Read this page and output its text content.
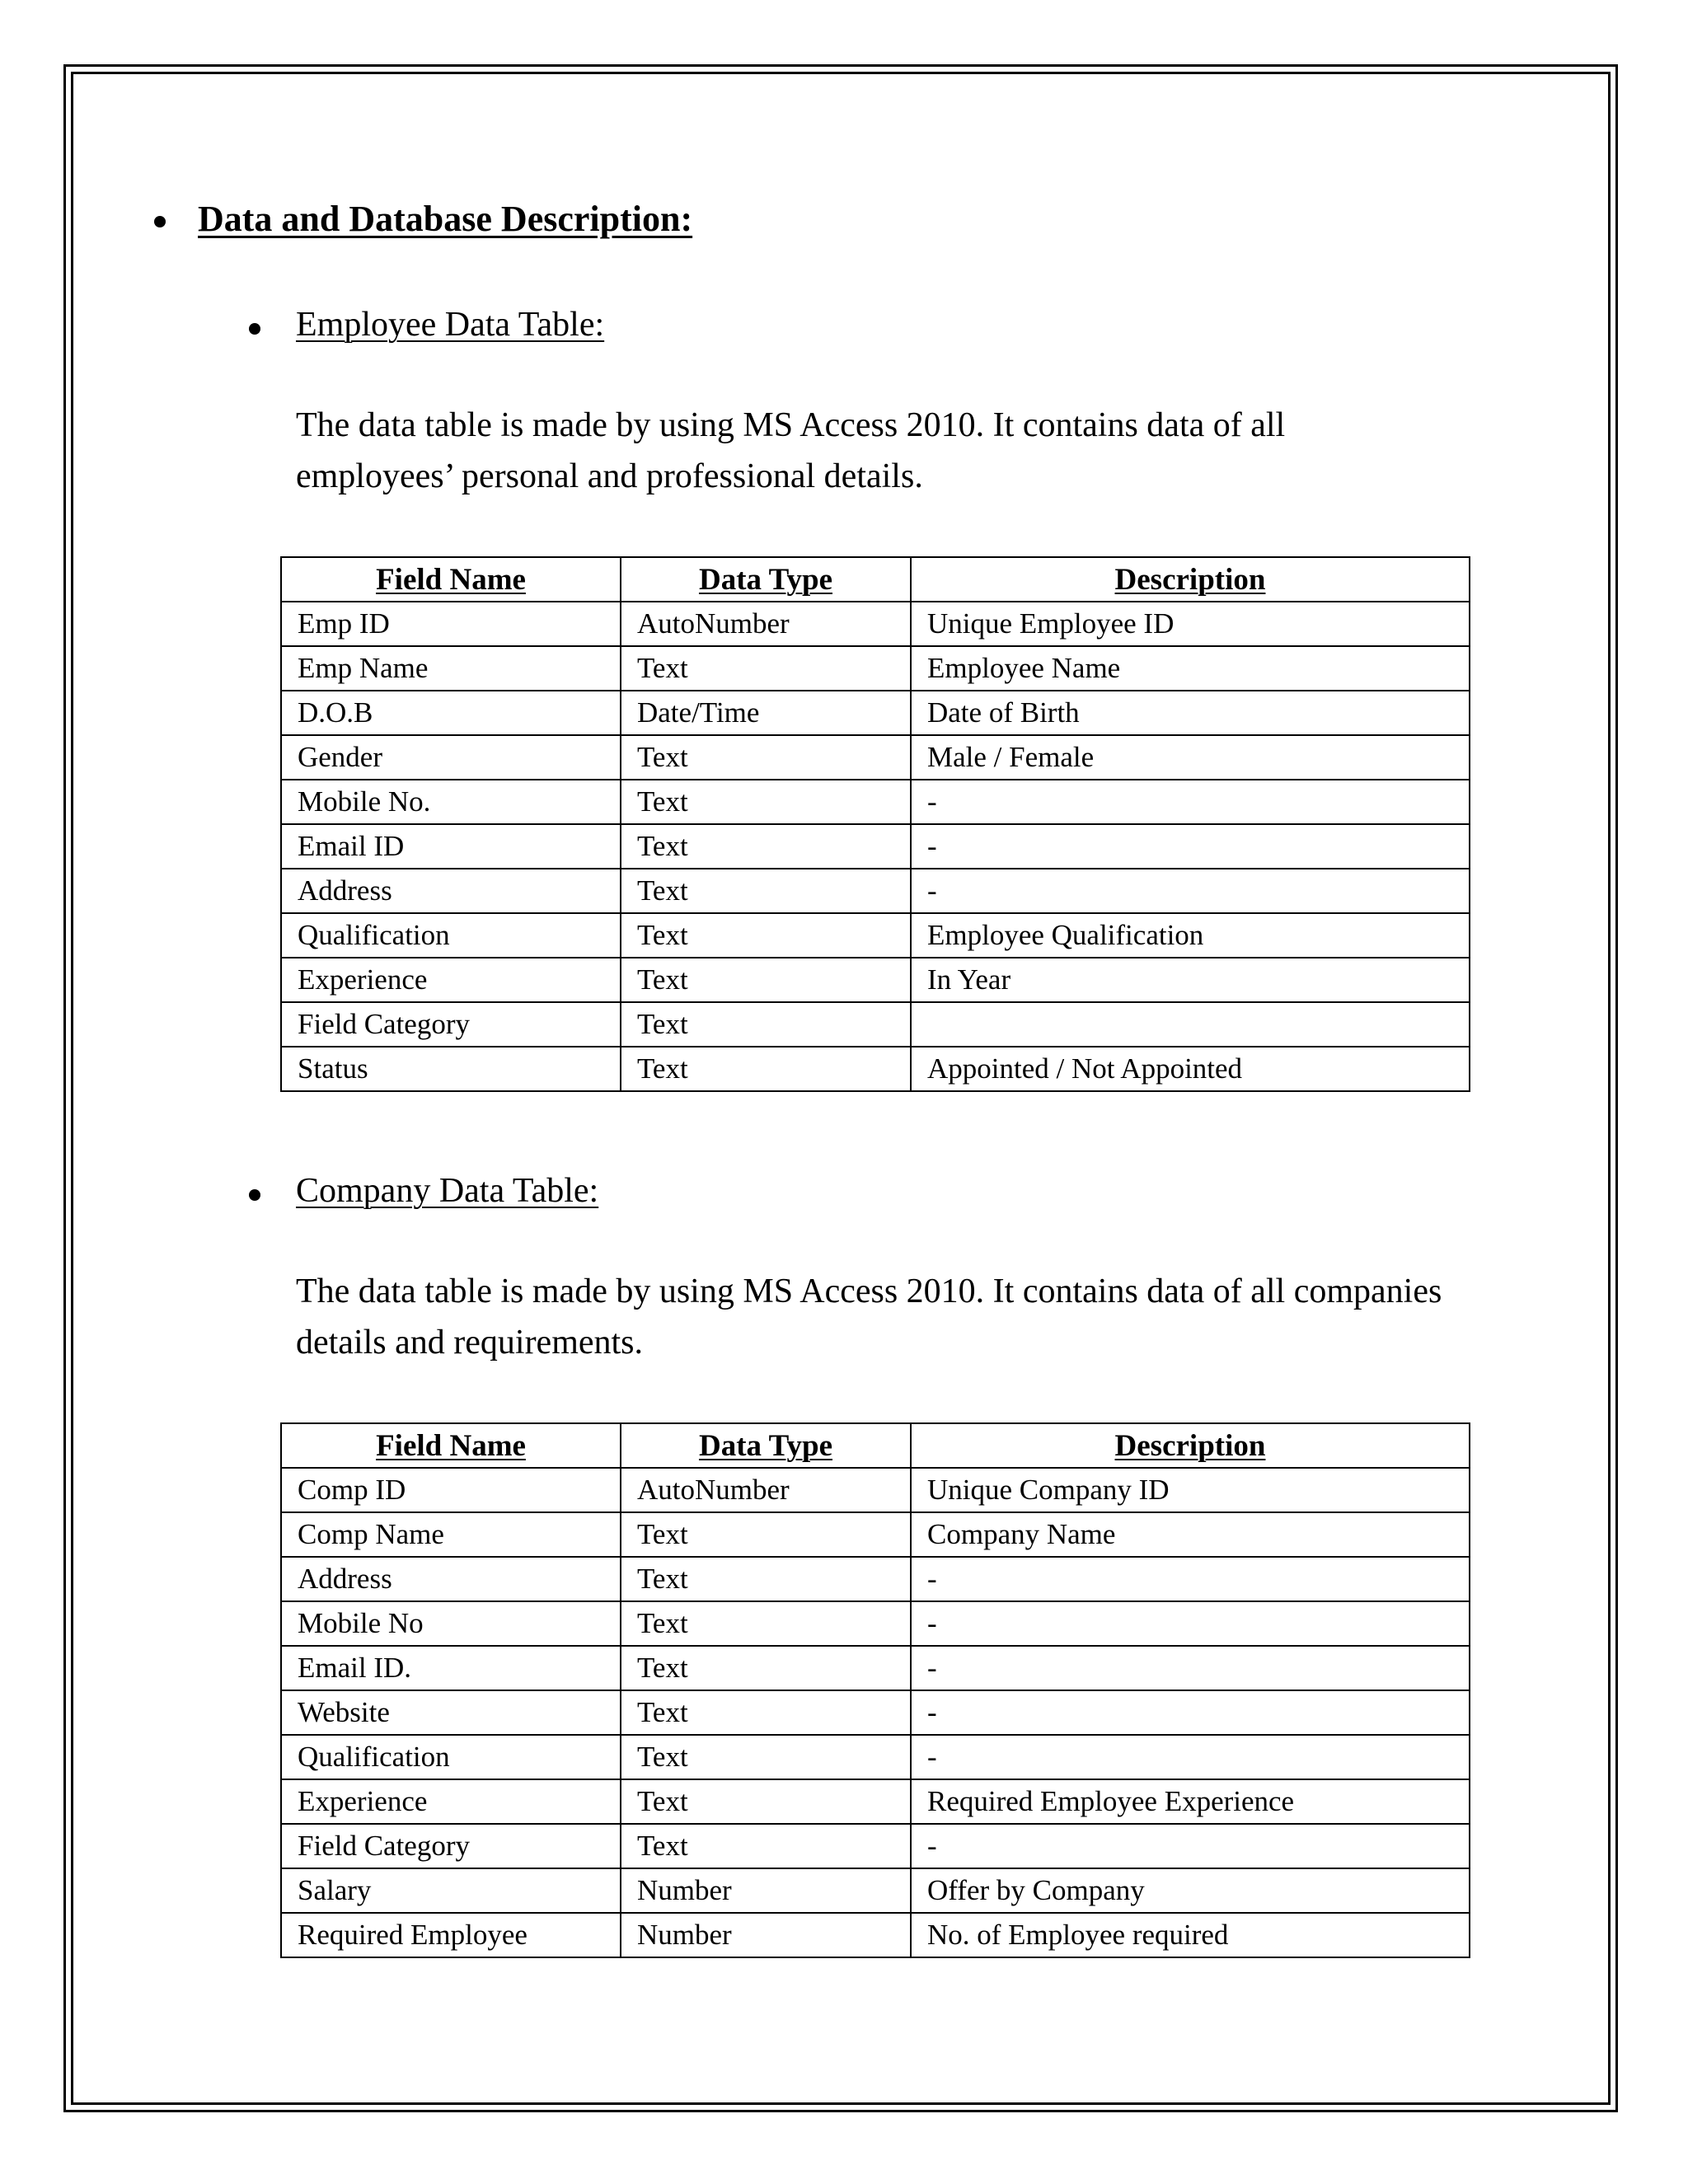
Data and Database Description:
Employee Data Table:
The data table is made by using MS Access 2010. It contains data of all employees’ personal and professional details.
Field Name	Data Type	Description
Emp ID	AutoNumber	Unique Employee ID
Emp Name	Text	Employee Name
D.O.B	Date/Time	Date of Birth
Gender	Text	Male / Female
Mobile No.	Text	-
Email ID	Text	-
Address	Text	-
Qualification	Text	Employee Qualification
Experience	Text	In Year
Field Category	Text	
Status	Text	Appointed / Not Appointed
Company Data Table:
The data table is made by using MS Access 2010. It contains data of all companies details and requirements.
Field Name	Data Type	Description
Comp ID	AutoNumber	Unique Company ID
Comp Name	Text	Company Name
Address	Text	-
Mobile No	Text	-
Email ID.	Text	-
Website	Text	-
Qualification	Text	-
Experience	Text	Required Employee Experience
Field Category	Text	-
Salary	Number	Offer by Company
Required Employee	Number	No. of Employee required
